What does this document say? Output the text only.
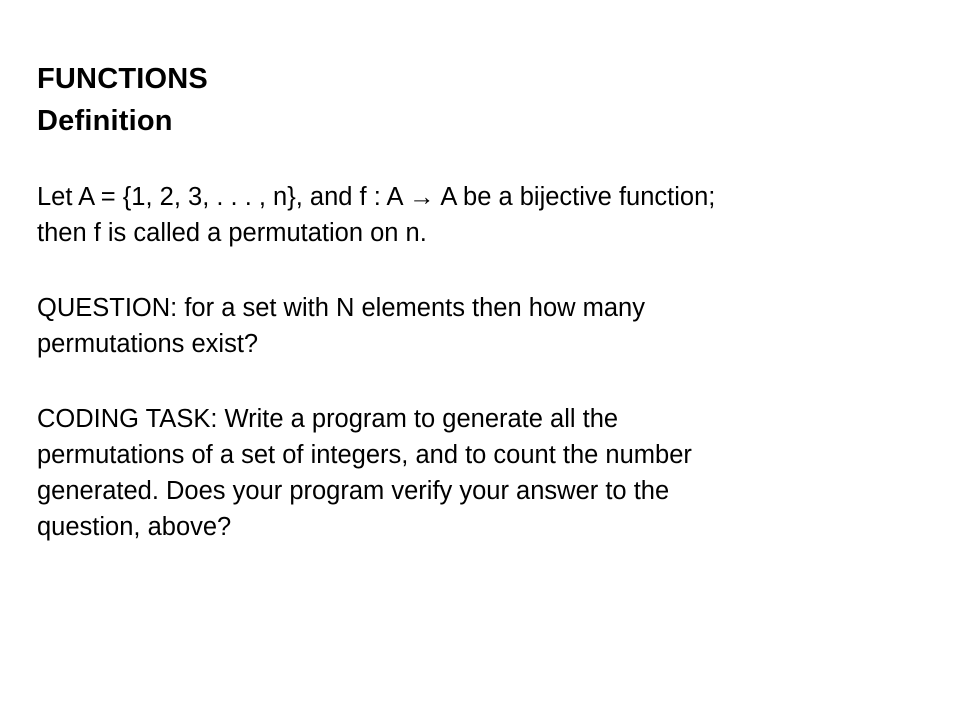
FUNCTIONS

Definition

Let A = {1, 2, 3, . . . , n}, and f : A → A be a bijective function;

then f is called a permutation on n.

QUESTION: for a set with N elements then how many

permutations exist?

CODING TASK: Write a program to generate all the

permutations of a set of integers, and to count the number

generated. Does your program verify your answer to the

question, above?
